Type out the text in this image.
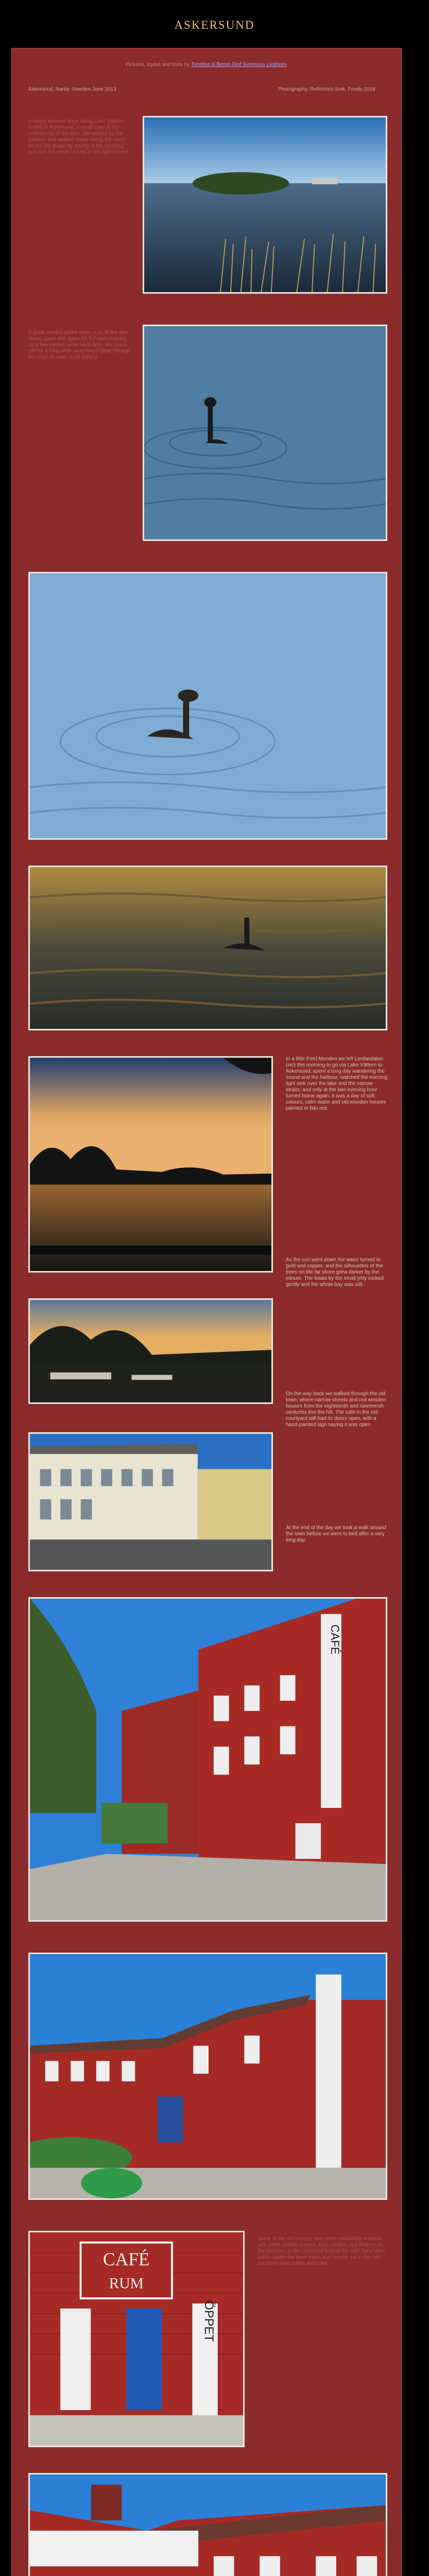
ASKERSUND
Pictures, layout and texts by Toneline & Bengt-Olof Svensson Lindgren
Askersund, Narke, Sweden June 2013	Photography: Reflectors Smk, Fondo 2018
A lovely summer drive along Lake Vättern ended in Askersund, a small town at the northern tip of the lake. We parked by the harbour and walked slowly along the water, where the boats lay quietly in the morning sun and the reeds moved in the light breeze.
A great crested grebe swam just off the pier, diving again and again for fish and popping up a few metres away each time. We stood still for a long while, watching it glide through the rings of water it left behind.
In a little Ford Mondeo we left Lerdasdalen (sic) this morning to go via Lake Vättern to Askersund, spent a long day wandering the sound and the harbour, watched the evening light sink over the lake and the narrow straits, and only at the late evening hour turned home again. It was a day of soft colours, calm water and old wooden houses painted in falu red.
As the sun went down the water turned to gold and copper, and the silhouettes of the trees on the far shore grew darker by the minute. The boats by the small jetty rocked gently and the whole bay was still.
On the way back we walked through the old town, where narrow streets and red wooden houses from the eighteenth and nineteenth centuries line the hill. The café in the old courtyard still had its doors open, with a hand-painted sign saying it was open.
Some of the old houses have been beautifully restored, with white window frames, lace curtains and flowers on the porches. In the courtyard behind the café there were tables under the birch trees, and people sat in the late sunshine over coffee and cake.
At the end of the day we took a walk around the town before we went to bed after a very long day.
CAFÉ
CAFÉ
RUM
ÖPPET
